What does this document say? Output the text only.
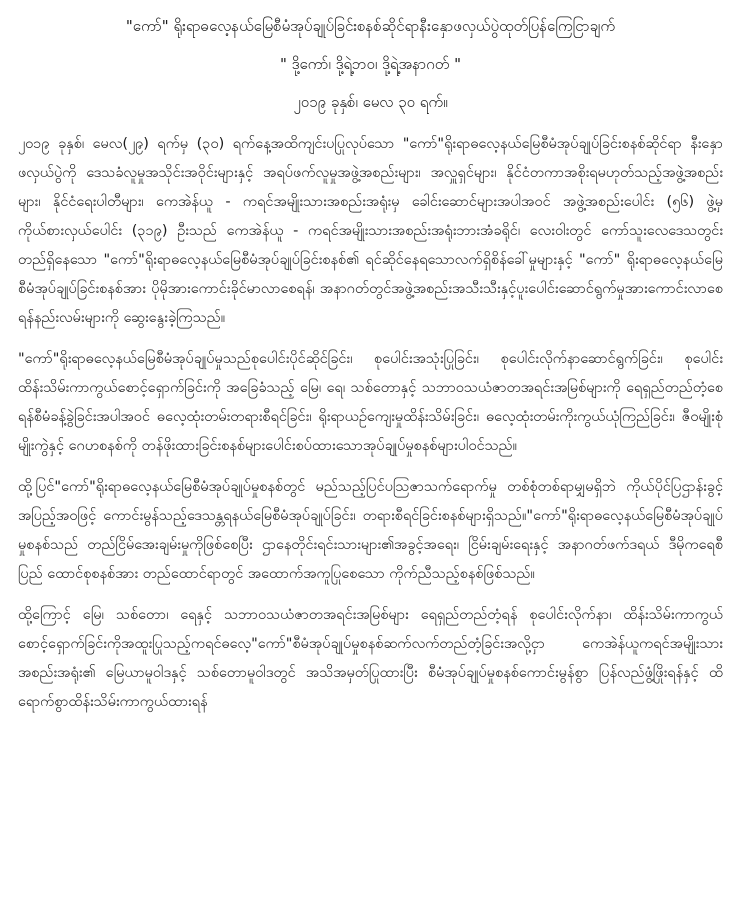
"ကော်" ရိုးရာဓလေ့နယ်မြေစီမံအုပ်ချုပ်ခြင်းစနစ်ဆိုင်ရာနီးနှောဖလှယ်ပွဲထုတ်ပြန်ကြေငြာချက်
" ဒို့ကော်၊ ဒို့ရဲ့ဘဝ၊ ဒို့ရဲ့အနာဂတ် "
၂၀၁၉ ခုနှစ်၊ မေလ ၃၀ ရက်။

၂၀၁၉ ခုနှစ်၊ မေလ(၂၉) ရက်မှ (၃၀) ရက်နေ့အထိကျင်းပပြုလုပ်သော "ကော်"ရိုးရာဓလေ့နယ်မြေစီမံအုပ်ချုပ်ခြင်းစနစ်ဆိုင်ရာ နီးနှောဖလှယ်ပွဲကို ဒေသခံလူမှုအသိုင်းအဝိုင်းများနှင့် အရပ်ဖက်လူမှုအဖွဲ့အစည်းများ၊ အလှူရှင်များ၊ နိုင်ငံတကာအစိုးရမဟုတ်သည့်အဖွဲ့အစည်းများ၊ နိုင်ငံရေးပါတီများ၊ ကေအဲန်ယူ - ကရင်အမျိုးသားအစည်းအရုံးမှ ခေါင်းဆောင်များအပါအဝင် အဖွဲ့အစည်းပေါင်း (၅၆) ဖွဲ့မှ ကိုယ်စားလှယ်ပေါင်း (၃၁၉) ဦးသည် ကေအဲန်ယူ - ကရင်အမျိုးသားအစည်းအရုံးဘားအံခရိုင်၊ လေးဝါးတွင် ကော်သူးလေဒေသတွင်း တည်ရှိနေသော "ကော်"ရိုးရာဓလေ့နယ်မြေစီမံအုပ်ချုပ်ခြင်းစနစ်၏ ရင်ဆိုင်နေရသောလက်ရှိစိန်ခေါ်မှုများနှင့် "ကော်" ရိုးရာဓလေ့နယ်မြေစီမံအုပ်ချုပ်ခြင်းစနစ်အား ပိုမိုအားကောင်းခိုင်မာလာစေရန်၊ အနာဂတ်တွင်အဖွဲ့အစည်းအသီးသီးနှင့်ပူးပေါင်းဆောင်ရွက်မှုအားကောင်းလာစေရန်နည်းလမ်းများကို ဆွေးနွေးခဲ့ကြသည်။

"ကော်"ရိုးရာဓလေ့နယ်မြေစီမံအုပ်ချုပ်မှုသည်စုပေါင်းပိုင်ဆိုင်ခြင်း၊ စုပေါင်းအသုံးပြုခြင်း၊ စုပေါင်းလိုက်နာဆောင်ရွက်ခြင်း၊ စုပေါင်းထိန်းသိမ်းကာကွယ်စောင့်ရှောက်ခြင်းကို အခြေခံသည့် မြေ၊ ရေ၊ သစ်တောနှင့် သဘာဝသယံဇာတအရင်းအမြစ်များကို ရေရှည်တည်တံ့စေရန်စီမံခန့်ခွဲခြင်းအပါအဝင် ဓလေ့ထုံးတမ်းတရားစီရင်ခြင်း၊ ရိုးရာယဉ်ကျေးမှုထိန်းသိမ်းခြင်း၊ ဓလေ့ထုံးတမ်းကိုးကွယ်ယုံကြည်ခြင်း၊ ဇီဝမျိုးစုံမျိုးကွဲနှင့် ဂေဟစနစ်ကို တန်ဖိုးထားခြင်းစနစ်များပေါင်းစပ်ထားသောအုပ်ချုပ်မှုစနစ်များပါဝင်သည်။

ထို့ပြင်"ကော်"ရိုးရာဓလေ့နယ်မြေစီမံအုပ်ချုပ်မှုစနစ်တွင် မည်သည့်ပြင်ပသြဇာသက်ရောက်မှု တစ်စုံတစ်ရာမျှမရှိဘဲ ကိုယ်ပိုင်ပြဌာန်းခွင့်အပြည့်အဝဖြင့် ကောင်းမွန်သည့်ဒေသန္တရနယ်မြေစီမံအုပ်ချုပ်ခြင်း၊ တရားစီရင်ခြင်းစနစ်များရှိသည်။"ကော်"ရိုးရာဓလေ့နယ်မြေစီမံအုပ်ချုပ်မှုစနစ်သည် တည်ငြိမ်အေးချမ်းမှုကိုဖြစ်စေပြီး ဌာနေတိုင်းရင်းသားများ၏အခွင့်အရေး၊ ငြိမ်းချမ်းရေးနှင့် အနာဂတ်ဖက်ဒရယ် ဒီမိုကရေစီ ပြည် ထောင်စုစနစ်အား တည်ထောင်ရာတွင် အထောက်အကူပြုစေသော ကိုက်ညီသည့်စနစ်ဖြစ်သည်။

ထို့ကြောင့် မြေ၊ သစ်တော၊ ရေနှင့် သဘာဝသယံဇာတအရင်းအမြစ်များ ရေရှည်တည်တံ့ရန် စုပေါင်းလိုက်နာ၊ ထိန်းသိမ်းကာကွယ်စောင့်ရှောက်ခြင်းကိုအထူးပြုသည့်ကရင်ဓလေ့"ကော်"စီမံအုပ်ချုပ်မှုစနစ်ဆက်လက်တည်တံ့ခြင်းအလို့ငှာ ကေအဲန်ယူကရင်အမျိုးသားအစည်းအရုံး၏ မြေယာမူဝါဒနှင့် သစ်တောမူဝါဒတွင် အသိအမှတ်ပြုထားပြီး စီမံအုပ်ချုပ်မှုစနစ်ကောင်းမွန်စွာ ပြန်လည်ဖွံ့ဖြိုးရန်နှင့် ထိရောက်စွာထိန်းသိမ်းကာကွယ်ထားရန်
